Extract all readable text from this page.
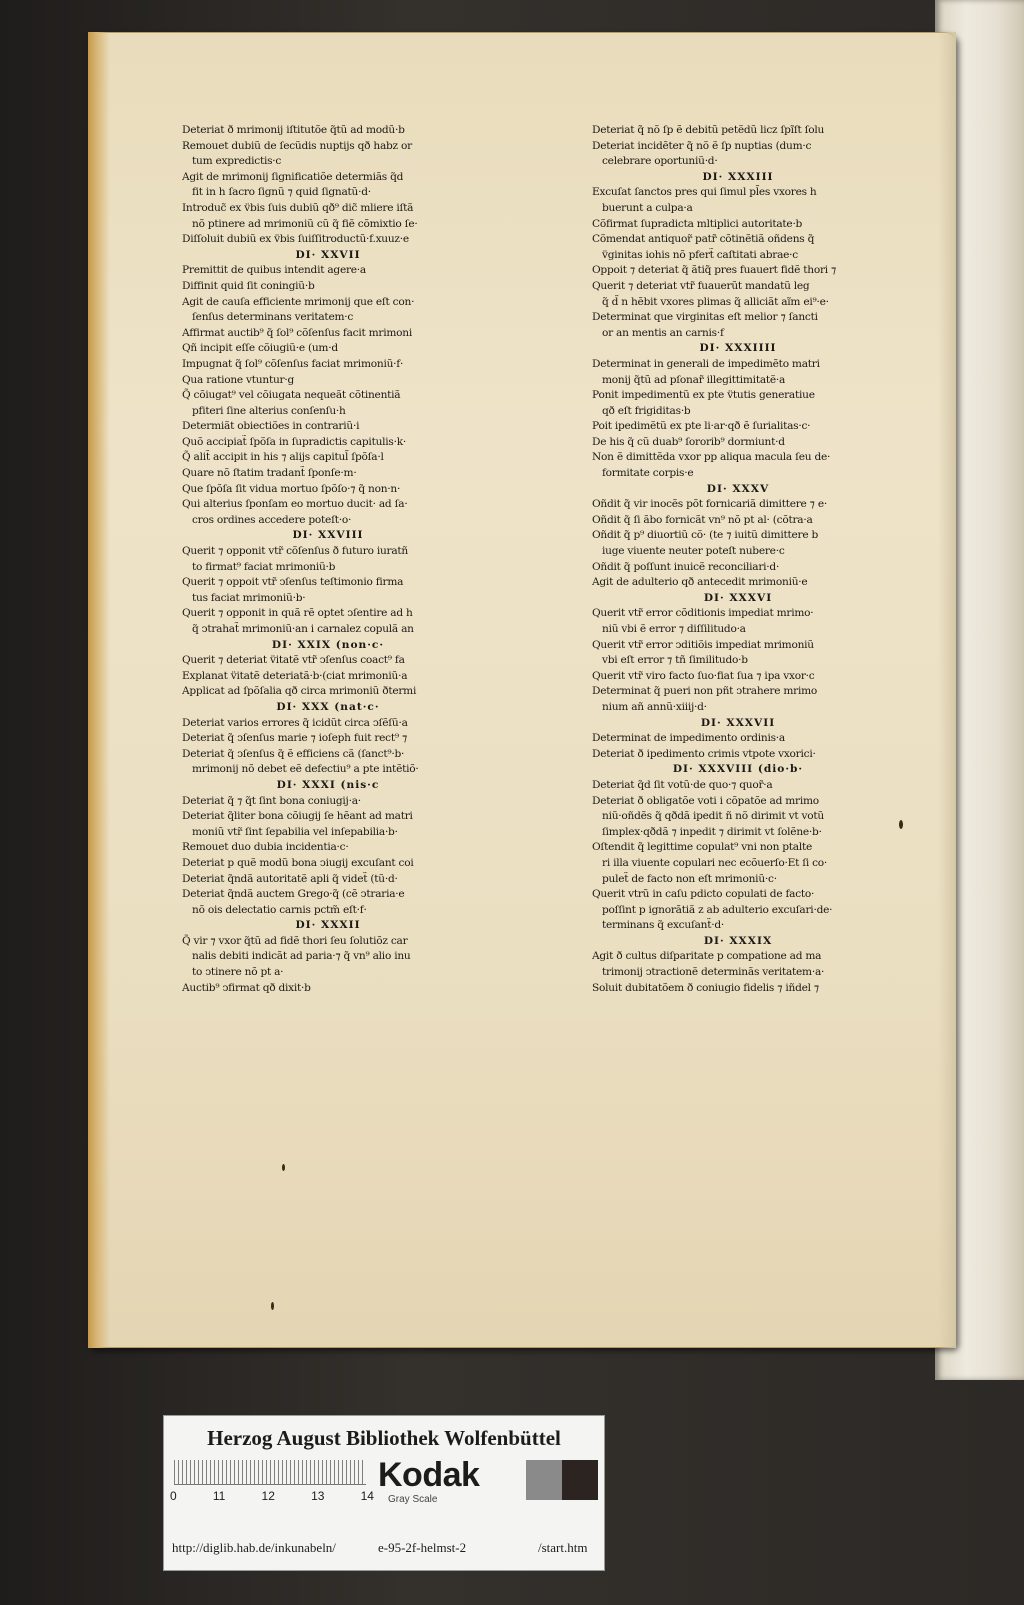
Deteriat ð mrimonij iſtitutõe q̃tũ ad modũ·b
Remouet dubiũ de ſecũdis nuptijs qð habz or
tum expredictis·c
Agit de mrimonij ſignificatiõe determiãs q̃d
fit in h ſacro ſignũ ⁊ quid ſignatũ·d·
Introduc̃ ex v̈bis ſuis dubiũ qð⁹ dic̃ mliere iſtã
nõ ptinere ad mrimoniũ cũ q̃ fiẽ cõmixtio ſe·
Diſſoluit dubiũ ex v̈bis ſuiſſitroductũ·f.xuuz·e
DI· XXVII
Premittit de quibus intendit agere·a
Diffinit quid ſit coningiũ·b
Agit de cauſa efficiente mrimonij que eſt con·
ſenſus determinans veritatem·c
Affirmat auctib⁹ q̃ ſol⁹ cõſenſus facit mrimoni
Qñ incipit eſſe cõiugiũ·e (um·d
Impugnat q̃ ſol⁹ cõſenſus faciat mrimoniũ·f·
Qua ratione vtuntur·g
Q̃ cõiugat⁹ vel cõiugata nequeãt cõtinentiã
pfiteri ſine alterius conſenſu·h
Determiãt obiectiões in contrariũ·i
Quõ accipiat̃ ſpõſa in ſupradictis capitulis·k·
Q̃ alit̃ accipit in his ⁊ alijs capitul̃ ſpõſa·l
Quare nõ ſtatim tradant̃ ſponſe·m·
Que ſpõſa ſit vidua mortuo ſpõſo·⁊ q̃ non·n·
Qui alterius ſponſam eo mortuo ducit· ad ſa·
cros ordines accedere poteſt·o·
DI· XXVIII
Querit ⁊ opponit vtr̃ cõſenſus ð futuro iuratñ
to firmat⁹ faciat mrimoniũ·b
Querit ⁊ oppoit vtr̃ ↄſenſus teſtimonio firma
tus faciat mrimoniũ·b·
Querit ⁊ opponit in quã rẽ optet ↄſentire ad h
q̃ ↄtrahat̃ mrimoniũ·an i carnalez copulã an
DI· XXIX (non·c·
Querit ⁊ deteriat v̈itatẽ vtr̃ ↄſenſus coact⁹ fa
Explanat v̈itatẽ deteriatã·b·(ciat mrimoniũ·a
Applicat ad ſpõſalia qð circa mrimoniũ ðtermi
DI· XXX (nat·c·
Deteriat varios errores q̃ icidũt circa ↄſẽſũ·a
Deteriat q̃ ↄſenſus marie ⁊ ioſeph fuit rect⁹ ⁊
Deteriat q̃ ↄſenſus q̃ ẽ efficiens cã (ſanct⁹·b·
mrimonij nõ debet eẽ defectiu⁹ a pte intẽtiõ·
DI· XXXI (nis·c
Deteriat q̃ ⁊ q̃t ſint bona coniugij·a·
Deteriat q̃liter bona cõiugij ſe hẽant ad matri
moniũ vtr̃ ſint ſepabilia vel inſepabilia·b·
Remouet duo dubia incidentia·c·
Deteriat p quẽ modũ bona ↄiugij excuſant coi
Deteriat q̃ndã autoritatẽ apli q̃ videt̃ (tũ·d·
Deteriat q̃ndã auctem Grego·q̃ (cẽ ↄtraria·e
nõ ois delectatio carnis pctm̃ eſt·f·
DI· XXXII
Q̃ vir ⁊ vxor q̃tũ ad fidẽ thori ſeu ſolutiõz car
nalis debiti indicãt ad paria·⁊ q̃ vn⁹ alio inu
to ↄtinere nõ pt a·
Auctib⁹ ↄfirmat qð dixit·b
Deteriat q̃ nõ ſp ẽ debitũ petẽdũ licz ſpĩſt ſolu
Deteriat incidẽter q̃ nõ ẽ ſp nuptias (dum·c
celebrare oportuniũ·d·
DI· XXXIII
Excuſat ſanctos pres qui ſimul pl̃es vxores h
buerunt a culpa·a
Cõfirmat ſupradicta mltiplici autoritate·b
Cõmendat antiquor̃ patr̃ cõtinẽtiã oñdens q̃
v̈ginitas iohis nõ pfert̃ caſtitati abrae·c
Oppoit ⁊ deteriat q̃ ãtiq̃ pres fuauert fidẽ thori ⁊
Querit ⁊ deteriat vtr̃ fuauerũt mandatũ leg
q̃ d̃ n hẽbit vxores plimas q̃ alliciãt aĩm ei⁹·e·
Determinat que virginitas eſt melior ⁊ ſancti
or an mentis an carnis·f
DI· XXXIIII
Determinat in generali de impedimẽto matri
monij q̃tũ ad pſonar̃ illegittimitatẽ·a
Ponit impedimentũ ex pte v̈tutis generatiue
qð eſt frigiditas·b
Poit ipedimẽtũ ex pte li·ar·qð ẽ ſurialitas·c·
De his q̃ cũ duab⁹ ſororib⁹ dormiunt·d
Non ẽ dimittẽda vxor pp aliqua macula ſeu de·
formitate corpis·e
DI· XXXV
Oñdit q̃ vir inocẽs põt fornicariã dimittere ⁊ e·
Oñdit q̃ ſi ãbo fornicãt vn⁹ nõ pt al· (cõtra·a
Oñdit q̃ p⁹ diuortiũ cõ· (te ⁊ iuitũ dimittere b
iuge viuente neuter poteſt nubere·c
Oñdit q̃ poſſunt inuicẽ reconciliari·d·
Agit de adulterio qð antecedit mrimoniũ·e
DI· XXXVI
Querit vtr̃ error cõditionis impediat mrimo·
niũ vbi ẽ error ⁊ diſſilitudo·a
Querit vtr̃ error ↄditiõis impediat mrimoniũ
vbi eſt error ⁊ tñ ſimilitudo·b
Querit vtr̃ viro facto ſuo·fiat ſua ⁊ ipa vxor·c
Determinat q̃ pueri non pñt ↄtrahere mrimo
nium añ annũ·xiiij·d·
DI· XXXVII
Determinat de impedimento ordinis·a
Deteriat ð ipedimento crimis vtpote vxorici·
DI· XXXVIII (dio·b·
Deteriat q̃d ſit votũ·de quo·⁊ quor̃·a
Deteriat ð obligatõe voti i cõpatõe ad mrimo
niũ·oñdẽs q̃ qðdã ipedit ñ nõ dirimit vt votũ
ſimplex·qðdã ⁊ inpedit ⁊ dirimit vt ſolẽne·b·
Oſtendit q̃ legittime copulat⁹ vni non ptalte
ri illa viuente copulari nec ecõuerſo·Et ſi co·
pulet̃ de facto non eſt mrimoniũ·c·
Querit vtrũ in caſu pdicto copulati de facto·
poſſint p ignorãtiã z ab adulterio excuſari·de·
terminans q̃ excuſant̃·d·
DI· XXXIX
Agit ð cultus diſparitate p compatione ad ma
trimonij ↄtractionẽ determinãs veritatem·a·
Soluit dubitatõem ð coniugio fidelis ⁊ iñdel ⁊
Herzog August Bibliothek Wolfenbüttel
0	11	12	13	14
Kodak
Gray Scale
http://diglib.hab.de/inkunabeln/	e-95-2f-helmst-2	/start.htm
